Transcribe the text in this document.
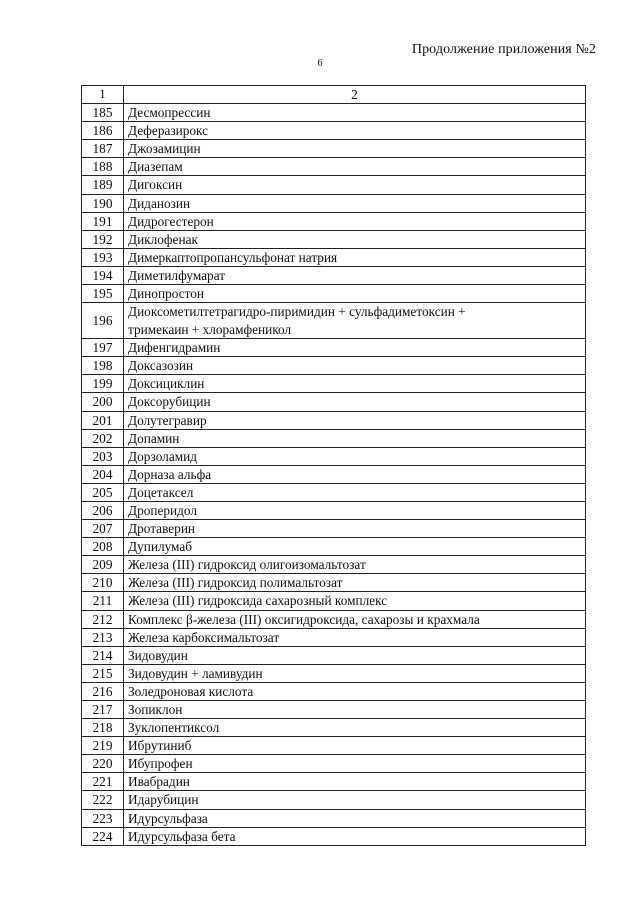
Продолжение приложения №2
6
1	2
185	Десмопрессин
186	Деферазирокс
187	Джозамицин
188	Диазепам
189	Дигоксин
190	Диданозин
191	Дидрогестерон
192	Диклофенак
193	Димеркаптопропансульфонат натрия
194	Диметилфумарат
195	Динопростон
196	Диоксометилтетрагидро-пиримидин + сульфадиметоксин +
тримекаин + хлорамфеникол

197	Дифенгидрамин
198	Доксазозин
199	Доксициклин
200	Доксорубицин
201	Долутегравир
202	Допамин
203	Дорзоламид
204	Дорназа альфа
205	Доцетаксел
206	Дроперидол
207	Дротаверин
208	Дупилумаб
209	Железа (III) гидроксид олигоизомальтозат
210	Железа (III) гидроксид полимальтозат
211	Железа (III) гидроксида сахарозный комплекс
212	Комплекс β-железа (III) оксигидроксида, сахарозы и крахмала
213	Железа карбоксимальтозат
214	Зидовудин
215	Зидовудин + ламивудин
216	Золедроновая кислота
217	Зопиклон
218	Зуклопентиксол
219	Ибрутиниб
220	Ибупрофен
221	Ивабрадин
222	Идарубицин
223	Идурсульфаза
224	Идурсульфаза бета
